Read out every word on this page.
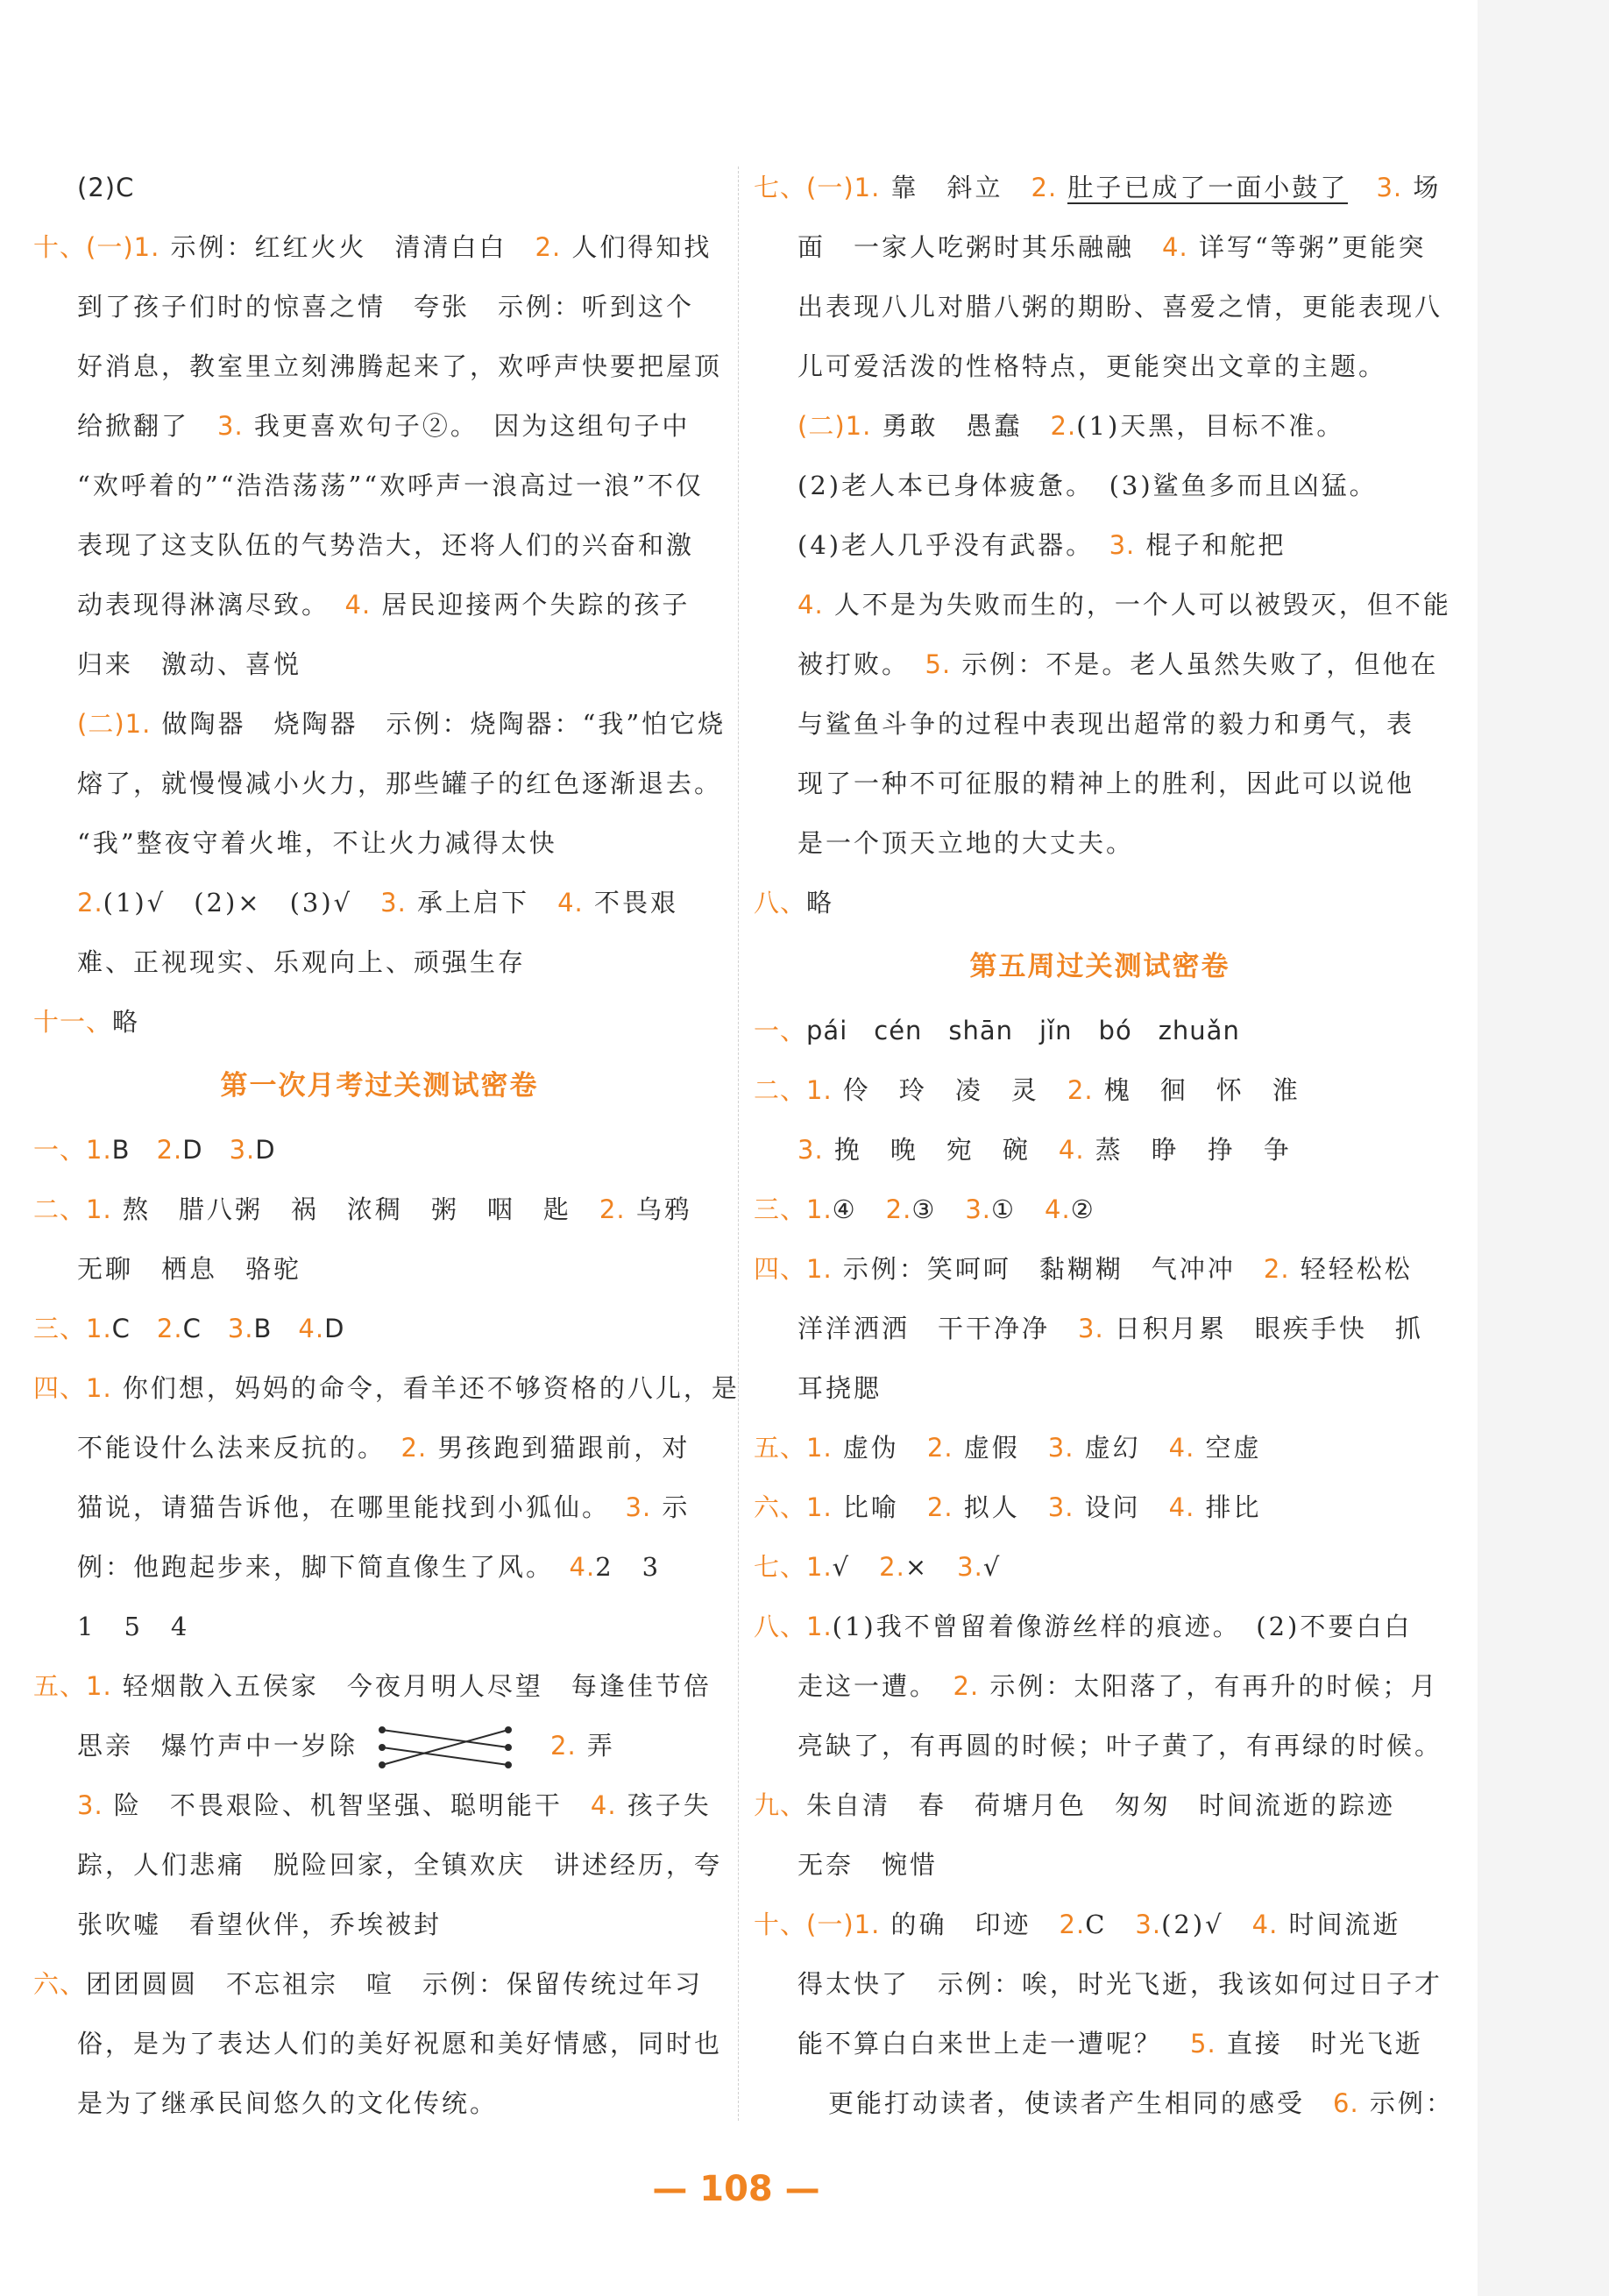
(2)C
十、(一)1. 示例：红红火火　清清白白　2. 人们得知找
到了孩子们时的惊喜之情　夸张　示例：听到这个
好消息，教室里立刻沸腾起来了，欢呼声快要把屋顶
给掀翻了　3. 我更喜欢句子②。　因为这组句子中
“欢呼着的”“浩浩荡荡”“欢呼声一浪高过一浪”不仅
表现了这支队伍的气势浩大，还将人们的兴奋和激
动表现得淋漓尽致。　4. 居民迎接两个失踪的孩子
归来　激动、喜悦
(二)1. 做陶器　烧陶器　示例：烧陶器：“我”怕它烧
熔了，就慢慢减小火力，那些罐子的红色逐渐退去。
“我”整夜守着火堆，不让火力减得太快
2.(1)√　(2)×　(3)√　3. 承上启下　4. 不畏艰
难、正视现实、乐观向上、顽强生存
十一、略
第一次月考过关测试密卷
一、1.B　2.D　3.D
二、1. 熬　腊八粥　祸　浓稠　粥　咽　匙　2. 乌鸦
无聊　栖息　骆驼
三、1.C　2.C　3.B　4.D
四、1. 你们想，妈妈的命令，看羊还不够资格的八儿，是
不能设什么法来反抗的。　2. 男孩跑到猫跟前，对
猫说，请猫告诉他，在哪里能找到小狐仙。　3. 示
例：他跑起步来，脚下简直像生了风。　4.2　3
1　5　4
五、1. 轻烟散入五侯家　今夜月明人尽望　每逢佳节倍
思亲　爆竹声中一岁除	2. 弄
3. 险　不畏艰险、机智坚强、聪明能干　4. 孩子失
踪，人们悲痛　脱险回家，全镇欢庆　讲述经历，夸
张吹嘘　看望伙伴，乔埃被封
六、团团圆圆　不忘祖宗　喧　示例：保留传统过年习
俗，是为了表达人们的美好祝愿和美好情感，同时也
是为了继承民间悠久的文化传统。
七、(一)1. 靠　斜立　2. 肚子已成了一面小鼓了　 3. 场
面　一家人吃粥时其乐融融　4. 详写“等粥”更能突
出表现八儿对腊八粥的期盼、喜爱之情，更能表现八
儿可爱活泼的性格特点，更能突出文章的主题。
(二)1. 勇敢　愚蠢　2.(1)天黑，目标不准。
(2)老人本已身体疲惫。　(3)鲨鱼多而且凶猛。
(4)老人几乎没有武器。　3. 棍子和舵把
4. 人不是为失败而生的，一个人可以被毁灭，但不能
被打败。　5. 示例：不是。老人虽然失败了，但他在
与鲨鱼斗争的过程中表现出超常的毅力和勇气，表
现了一种不可征服的精神上的胜利，因此可以说他
是一个顶天立地的大丈夫。
八、略
第五周过关测试密卷
一、pái　cén　shān　jǐn　bó　zhuǎn
二、1. 伶　玲　凌　灵　2. 槐　徊　怀　淮
3. 挽　晚　宛　碗　4. 蒸　睁　挣　争
三、1.④　2.③　3.①　4.②
四、1. 示例：笑呵呵　黏糊糊　气冲冲　2. 轻轻松松
洋洋洒洒　干干净净　3. 日积月累　眼疾手快　抓
耳挠腮
五、1. 虚伪　2. 虚假　3. 虚幻　4. 空虚
六、1. 比喻　2. 拟人　3. 设问　4. 排比
七、1.√　2.×　3.√
八、1.(1)我不曾留着像游丝样的痕迹。　(2)不要白白
走这一遭。　2. 示例：太阳落了，有再升的时候；月
亮缺了，有再圆的时候；叶子黄了，有再绿的时候。
九、朱自清　春　荷塘月色　匆匆　时间流逝的踪迹
无奈　惋惜
十、(一)1. 的确　印迹　2.C　3.(2)√　4. 时间流逝
得太快了　示例：唉，时光飞逝，我该如何过日子才
能不算白白来世上走一遭呢？　5. 直接　时光飞逝
更能打动读者，使读者产生相同的感受　6. 示例：
— 108 —
